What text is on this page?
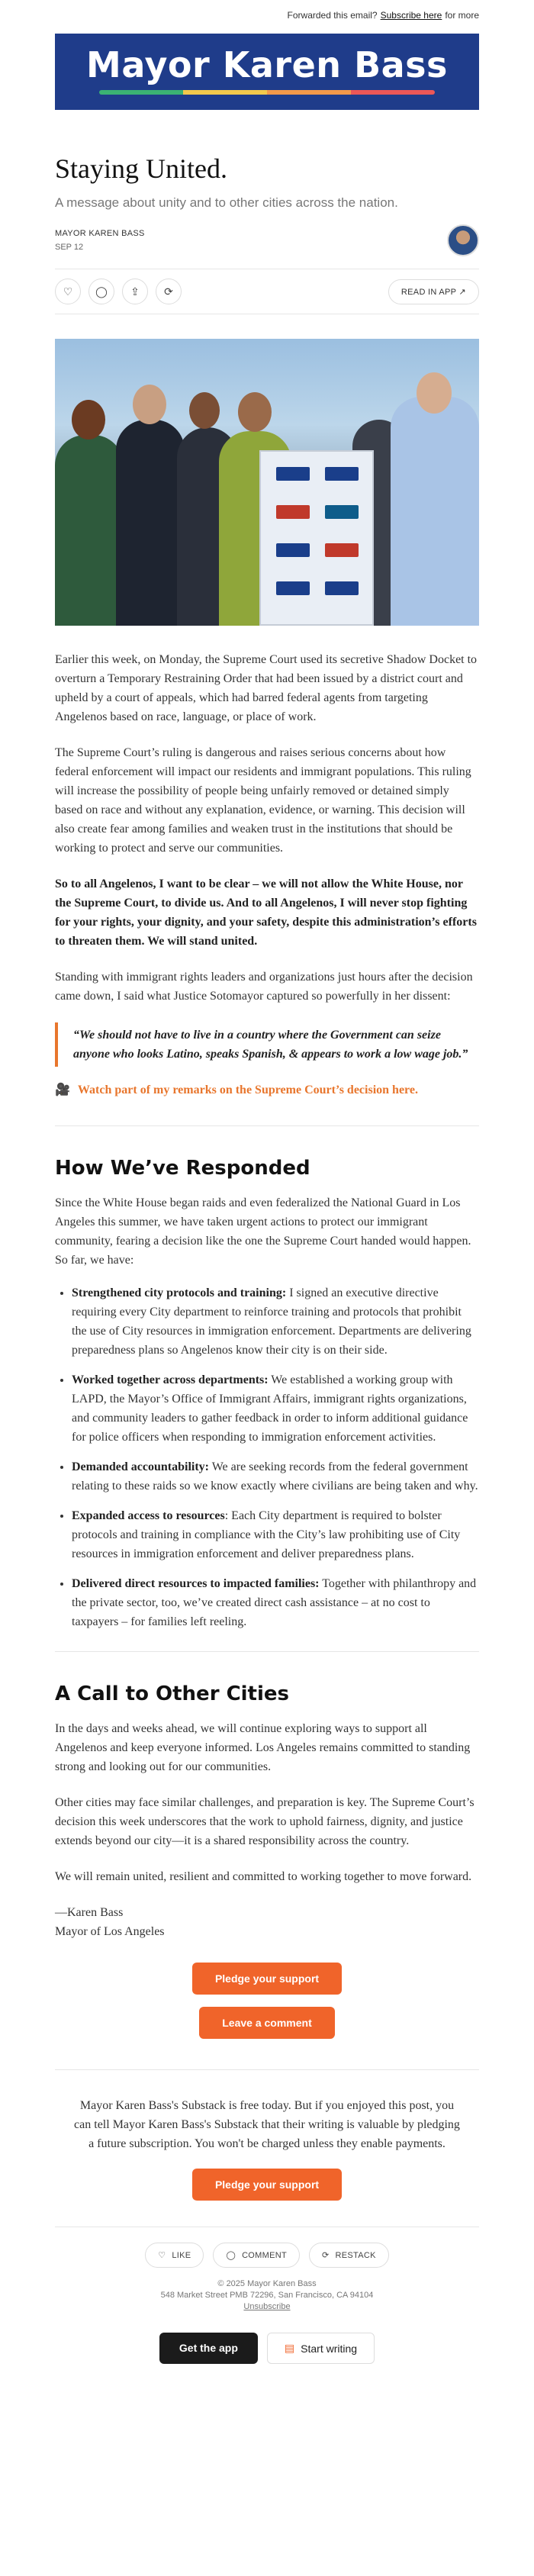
Forwarded this email? Subscribe here for more
Mayor Karen Bass
Staying United.
A message about unity and to other cities across the nation.
MAYOR KAREN BASS
SEP 12
♡ ◯ ⇪ ⟳	READ IN APP ↗

Earlier this week, on Monday, the Supreme Court used its secretive Shadow Docket to overturn a Temporary Restraining Order that had been issued by a district court and upheld by a court of appeals, which had barred federal agents from targeting Angelenos based on race, language, or place of work.

The Supreme Court’s ruling is dangerous and raises serious concerns about how federal enforcement will impact our residents and immigrant populations. This ruling will increase the possibility of people being unfairly removed or detained simply based on race and without any explanation, evidence, or warning. This decision will also create fear among families and weaken trust in the institutions that should be working to protect and serve our communities.

So to all Angelenos, I want to be clear – we will not allow the White House, nor the Supreme Court, to divide us. And to all Angelenos, I will never stop fighting for your rights, your dignity, and your safety, despite this administration’s efforts to threaten them. We will stand united.

Standing with immigrant rights leaders and organizations just hours after the decision came down, I said what Justice Sotomayor captured so powerfully in her dissent:

“We should not have to live in a country where the Government can seize anyone who looks Latino, speaks Spanish, & appears to work a low wage job.”
🎥 Watch part of my remarks on the Supreme Court’s decision here.
How We’ve Responded

Since the White House began raids and even federalized the National Guard in Los Angeles this summer, we have taken urgent actions to protect our immigrant community, fearing a decision like the one the Supreme Court handed would happen. So far, we have:

• Strengthened city protocols and training: I signed an executive directive requiring every City department to reinforce training and protocols that prohibit the use of City resources in immigration enforcement. Departments are delivering preparedness plans so Angelenos know their city is on their side.
• Worked together across departments: We established a working group with LAPD, the Mayor’s Office of Immigrant Affairs, immigrant rights organizations, and community leaders to gather feedback in order to inform additional guidance for police officers when responding to immigration enforcement activities.
• Demanded accountability: We are seeking records from the federal government relating to these raids so we know exactly where civilians are being taken and why.
• Expanded access to resources: Each City department is required to bolster protocols and training in compliance with the City’s law prohibiting use of City resources in immigration enforcement and deliver preparedness plans.
• Delivered direct resources to impacted families: Together with philanthropy and the private sector, too, we’ve created direct cash assistance – at no cost to taxpayers – for families left reeling.
A Call to Other Cities

In the days and weeks ahead, we will continue exploring ways to support all Angelenos and keep everyone informed. Los Angeles remains committed to standing strong and looking out for our communities.

Other cities may face similar challenges, and preparation is key. The Supreme Court’s decision this week underscores that the work to uphold fairness, dignity, and justice extends beyond our city—it is a shared responsibility across the country.

We will remain united, resilient and committed to working together to move forward.

—Karen Bass
Mayor of Los Angeles
Pledge your support
Leave a comment
Mayor Karen Bass's Substack is free today. But if you enjoyed this post, you can tell Mayor Karen Bass's Substack that their writing is valuable by pledging a future subscription. You won't be charged unless they enable payments.
Pledge your support
♡ LIKE	◯ COMMENT	⟳ RESTACK
© 2025 Mayor Karen Bass
548 Market Street PMB 72296, San Francisco, CA 94104
Unsubscribe
Get the app	▤ Start writing
